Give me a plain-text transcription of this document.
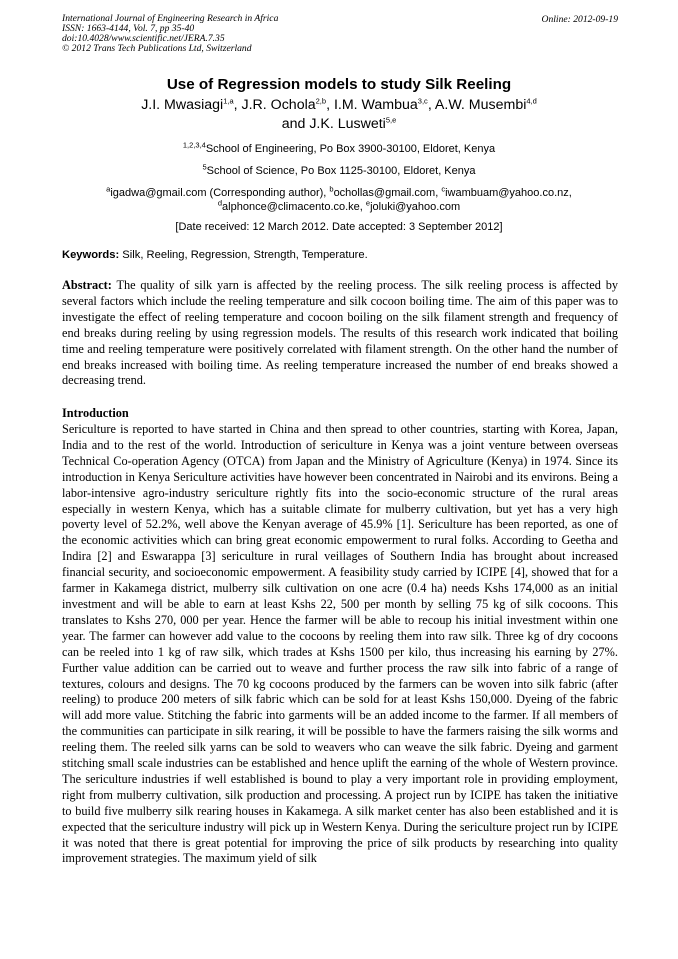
International Journal of Engineering Research in Africa	Online: 2012-09-19
ISSN: 1663-4144, Vol. 7, pp 35-40
doi:10.4028/www.scientific.net/JERA.7.35
© 2012 Trans Tech Publications Ltd, Switzerland
Use of Regression models to study Silk Reeling
J.I. Mwasiagi$^{1,a}$, J.R. Ochola$^{2,b}$, I.M. Wambua$^{3,c}$, A.W. Musembi$^{4,d}$
and J.K. Lusweti$^{5,e}$
$^{1,2,3,4}$School of Engineering, Po Box 3900-30100, Eldoret, Kenya
$^5$School of Science, Po Box 1125-30100, Eldoret, Kenya
$^a$igadwa@gmail.com (Corresponding author), $^b$ochollas@gmail.com, $^c$iwambuam@yahoo.co.nz,
$^d$alphonce@climacento.co.ke, $^e$joluki@yahoo.com
[Date received: 12 March 2012. Date accepted: 3 September 2012]
Keywords: Silk, Reeling, Regression, Strength, Temperature.
Abstract: The quality of silk yarn is affected by the reeling process. The silk reeling process is affected by several factors which include the reeling temperature and silk cocoon boiling time. The aim of this paper was to investigate the effect of reeling temperature and cocoon boiling on the silk filament strength and frequency of end breaks during reeling by using regression models. The results of this research work indicated that boiling time and reeling temperature were positively correlated with filament strength. On the other hand the number of end breaks increased with boiling time. As reeling temperature increased the number of end breaks showed a decreasing trend.
Introduction
Sericulture is reported to have started in China and then spread to other countries, starting with Korea, Japan, India and to the rest of the world. Introduction of sericulture in Kenya was a joint venture between overseas Technical Co-operation Agency (OTCA) from Japan and the Ministry of Agriculture (Kenya) in 1974. Since its introduction in Kenya Sericulture activities have however been concentrated in Nairobi and its environs. Being a labor-intensive agro-industry sericulture rightly fits into the socio-economic structure of the rural areas especially in western Kenya, which has a suitable climate for mulberry cultivation, but yet has a very high poverty level of 52.2%, well above the Kenyan average of 45.9% [1]. Sericulture has been reported, as one of the economic activities which can bring great economic empowerment to rural folks. According to Geetha and Indira [2] and Eswarappa [3] sericulture in rural veillages of Southern India has brought about increased financial security, and socioeconomic empowerment. A feasibility study carried by ICIPE [4], showed that for a farmer in Kakamega district, mulberry silk cultivation on one acre (0.4 ha) needs Kshs 174,000 as an initial investment and will be able to earn at least Kshs 22, 500 per month by selling 75 kg of silk cocoons. This translates to Kshs 270, 000 per year. Hence the farmer will be able to recoup his initial investment within one year. The farmer can however add value to the cocoons by reeling them into raw silk. Three kg of dry cocoons can be reeled into 1 kg of raw silk, which trades at Kshs 1500 per kilo, thus increasing his earning by 27%. Further value addition can be carried out to weave and further process the raw silk into fabric of a range of textures, colours and designs. The 70 kg cocoons produced by the farmers can be woven into silk fabric (after reeling) to produce 200 meters of silk fabric which can be sold for at least Kshs 150,000. Dyeing of the fabric will add more value. Stitching the fabric into garments will be an added income to the farmer. If all members of the communities can participate in silk rearing, it will be possible to have the farmers raising the silk worms and reeling them. The reeled silk yarns can be sold to weavers who can weave the silk fabric. Dyeing and garment stitching small scale industries can be established and hence uplift the earning of the whole of Western province. The sericulture industries if well established is bound to play a very important role in providing employment, right from mulberry cultivation, silk production and processing. A project run by ICIPE has taken the initiative to build five mulberry silk rearing houses in Kakamega. A silk market center has also been established and it is expected that the sericulture industry will pick up in Western Kenya. During the sericulture project run by ICIPE it was noted that there is great potential for improving the price of silk products by researching into quality improvement strategies. The maximum yield of silk
